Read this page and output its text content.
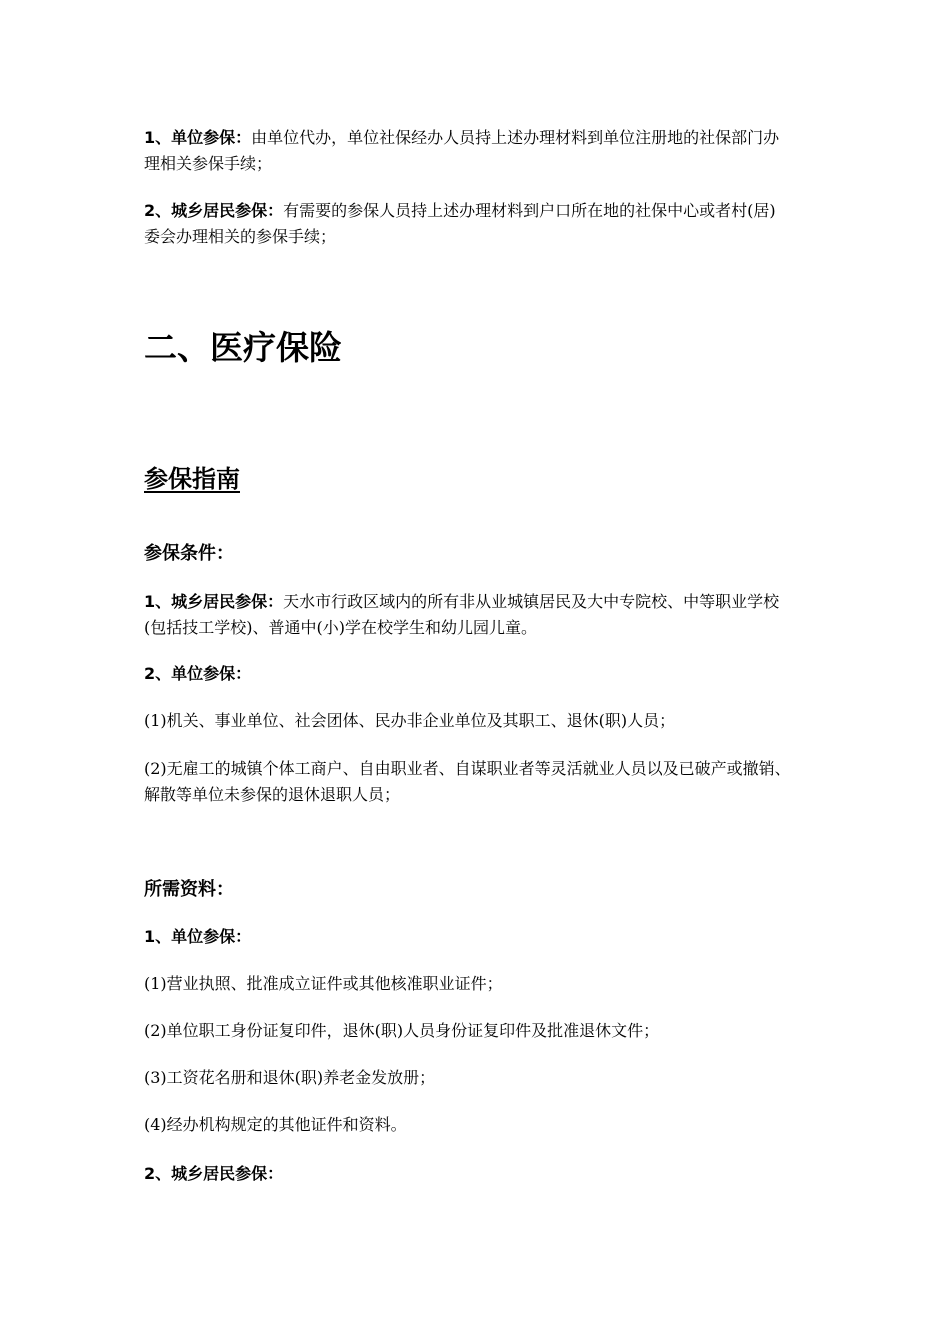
1、单位参保：由单位代办，单位社保经办人员持上述办理材料到单位注册地的社保部门办
理相关参保手续；
2、城乡居民参保：有需要的参保人员持上述办理材料到户口所在地的社保中心或者村(居)
委会办理相关的参保手续；
二、医疗保险
参保指南
参保条件：
1、城乡居民参保：天水市行政区域内的所有非从业城镇居民及大中专院校、中等职业学校
(包括技工学校)、普通中(小)学在校学生和幼儿园儿童。
2、单位参保：
(1)机关、事业单位、社会团体、民办非企业单位及其职工、退休(职)人员；
(2)无雇工的城镇个体工商户、自由职业者、自谋职业者等灵活就业人员以及已破产或撤销、
解散等单位未参保的退休退职人员；
所需资料：
1、单位参保：
(1)营业执照、批准成立证件或其他核准职业证件；
(2)单位职工身份证复印件，退休(职)人员身份证复印件及批准退休文件；
(3)工资花名册和退休(职)养老金发放册；
(4)经办机构规定的其他证件和资料。
2、城乡居民参保：
